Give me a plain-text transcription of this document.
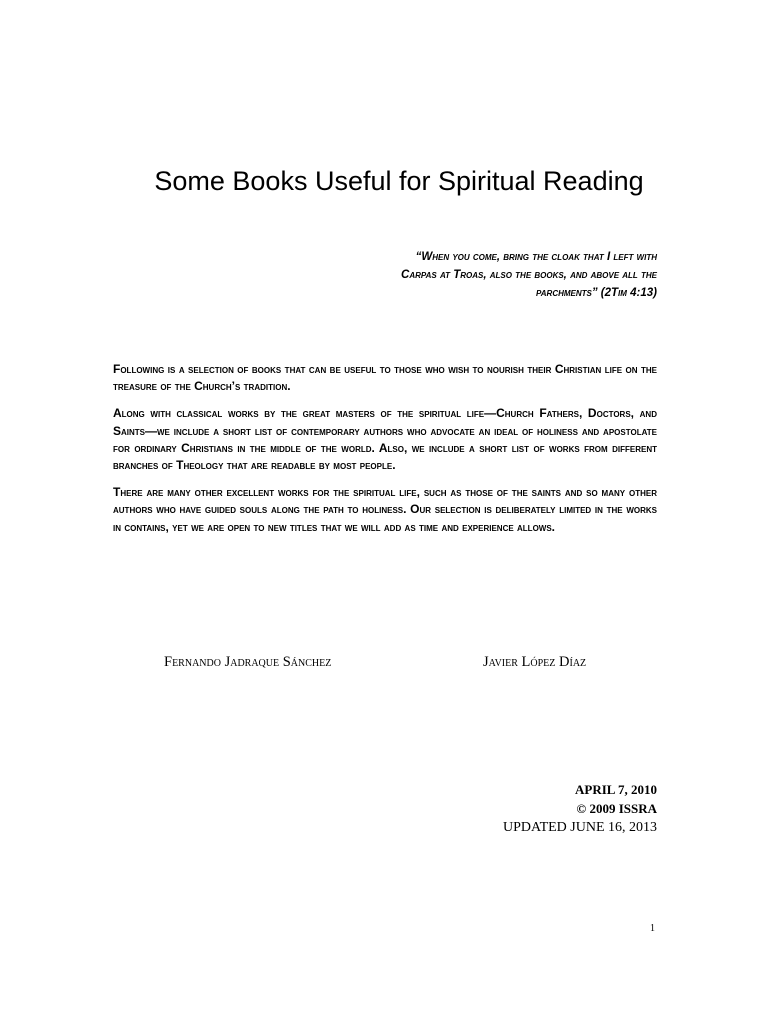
Some Books Useful for Spiritual Reading
“When you come, bring the cloak that I left with
Carpas at Troas, also the books, and above all the
parchments” (2Tim 4:13)

Following is a selection of books that can be useful to those who wish to nourish their Christian life on the treasure of the Church’s tradition.

Along with classical works by the great masters of the spiritual life—Church Fathers, Doctors, and Saints—we include a short list of contemporary authors who advocate an ideal of holiness and apostolate for ordinary Christians in the middle of the world. Also, we include a short list of works from different branches of Theology that are readable by most people.

There are many other excellent works for the spiritual life, such as those of the saints and so many other authors who have guided souls along the path to holiness. Our selection is deliberately limited in the works in contains, yet we are open to new titles that we will add as time and experience allows.

Fernando Jadraque Sánchez	Javier López Díaz
APRIL 7, 2010
© 2009 ISSRA
UPDATED JUNE 16, 2013
1
